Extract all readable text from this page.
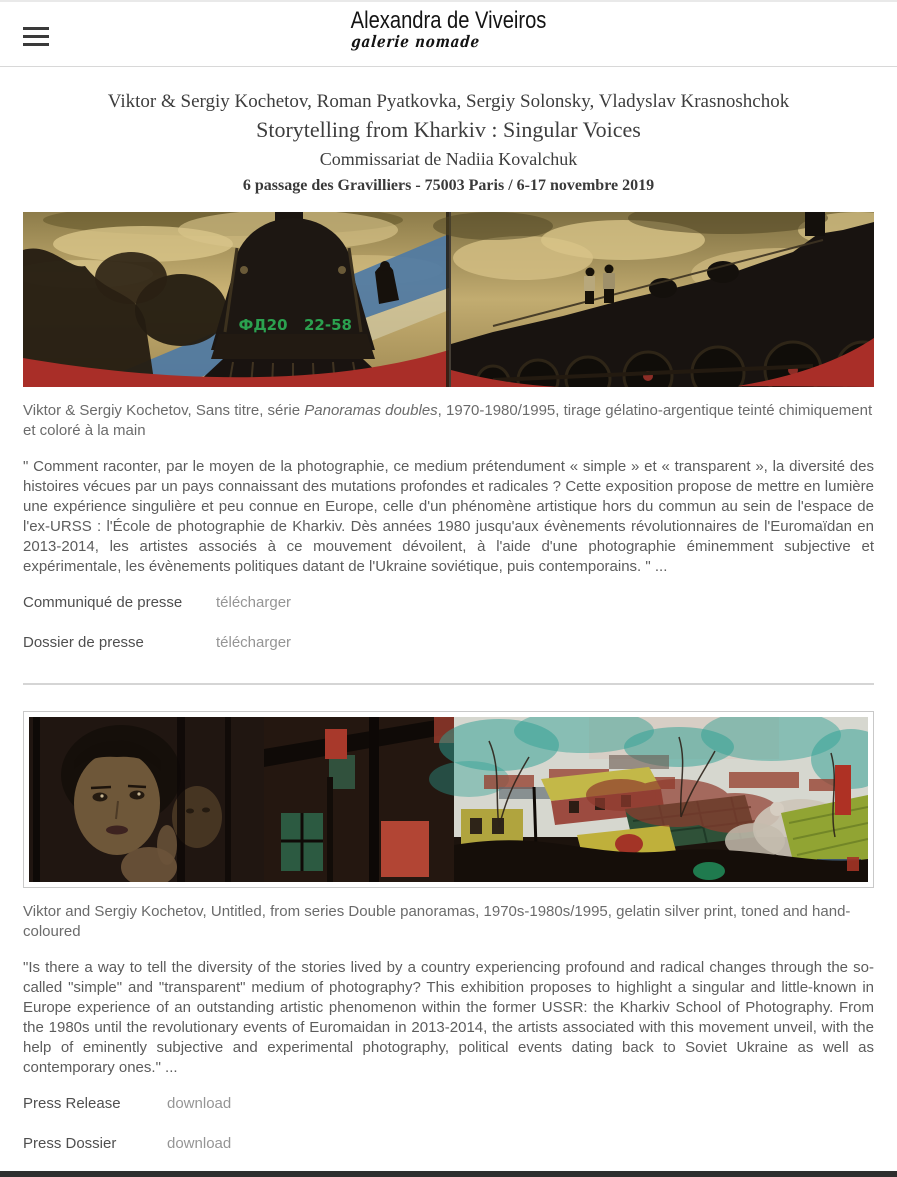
Alexandra de Viveiros
galerie nomade
Viktor & Sergiy Kochetov, Roman Pyatkovka, Sergiy Solonsky, Vladyslav Krasnoshchok
Storytelling from Kharkiv : Singular Voices
Commissariat de Nadiia Kovalchuk
6 passage des Gravilliers - 75003 Paris / 6-17 novembre 2019
ФД20 22-58

Viktor & Sergiy Kochetov, Sans titre, série Panoramas doubles, 1970-1980/1995, tirage gélatino-argentique teinté chimiquement et coloré à la main

" Comment raconter, par le moyen de la photographie, ce medium prétendument « simple » et « transparent », la diversité des histoires vécues par un pays connaissant des mutations profondes et radicales ? Cette exposition propose de mettre en lumière une expérience singulière et peu connue en Europe, celle d'un phénomène artistique hors du commun au sein de l'espace de l'ex-URSS : l'École de photographie de Kharkiv. Dès années 1980 jusqu'aux évènements révolutionnaires de l'Euromaïdan en 2013-2014, les artistes associés à ce mouvement dévoilent, à l'aide d'une photographie éminemment subjective et expérimentale, les évènements politiques datant de l'Ukraine soviétique, puis contemporains. " ...

Communiqué de presse	télécharger
Dossier de presse	télécharger

Viktor and Sergiy Kochetov, Untitled, from series Double panoramas, 1970s-1980s/1995, gelatin silver print, toned and hand-coloured

"Is there a way to tell the diversity of the stories lived by a country experiencing profound and radical changes through the so-called "simple" and "transparent" medium of photography? This exhibition proposes to highlight a singular and little-known in Europe experience of an outstanding artistic phenomenon within the former USSR: the Kharkiv School of Photography. From the 1980s until the revolutionary events of Euromaidan in 2013-2014, the artists associated with this movement unveil, with the help of eminently subjective and experimental photography, political events dating back to Soviet Ukraine as well as contemporary ones." ...

Press Release	download
Press Dossier	download
